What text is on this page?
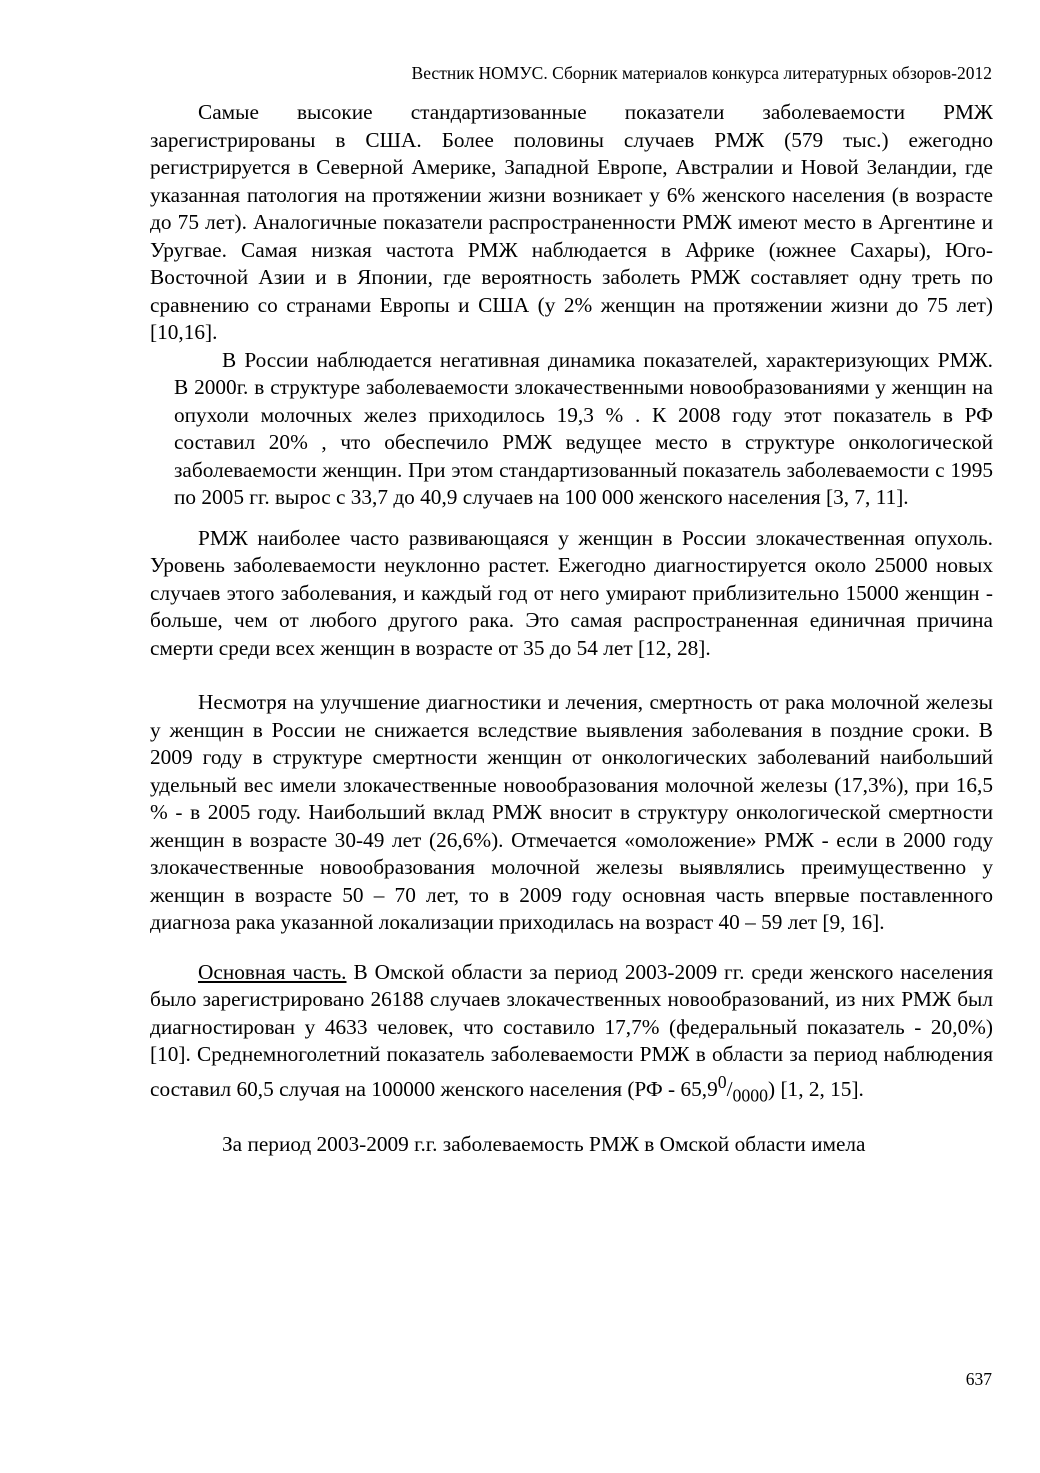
Вестник НОМУС. Сборник материалов конкурса литературных обзоров-2012

Самые высокие стандартизованные показатели заболеваемости РМЖ зарегистрированы в США. Более половины случаев РМЖ (579 тыс.) ежегодно регистрируется в Северной Америке, Западной Европе, Австралии и Новой Зеландии, где указанная патология на протяжении жизни возникает у 6% женского населения (в возрасте до 75 лет). Аналогичные показатели распространенности РМЖ имеют место в Аргентине и Уругвае. Самая низкая частота РМЖ наблюдается в Африке (южнее Сахары), Юго-Восточной Азии и в Японии, где вероятность заболеть РМЖ составляет одну треть по сравнению со странами Европы и США (у 2% женщин на протяжении жизни до 75 лет) [10,16].

В России наблюдается негативная динамика показателей, характеризующих РМЖ. В 2000г. в структуре заболеваемости злокачественными новообразованиями у женщин на опухоли молочных желез приходилось 19,3 % . К 2008 году этот показатель в РФ составил 20% , что обеспечило РМЖ ведущее место в структуре онкологической заболеваемости женщин. При этом стандартизованный показатель заболеваемости с 1995 по 2005 гг. вырос с 33,7 до 40,9 случаев на 100 000 женского населения [3, 7, 11].

РМЖ наиболее часто развивающаяся у женщин в России злокачественная опухоль. Уровень заболеваемости неуклонно растет. Ежегодно диагностируется около 25000 новых случаев этого заболевания, и каждый год от него умирают приблизительно 15000 женщин - больше, чем от любого другого рака. Это самая распространенная единичная причина смерти среди всех женщин в возрасте от 35 до 54 лет [12, 28].

Несмотря на улучшение диагностики и лечения, смертность от рака молочной железы у женщин в России не снижается вследствие выявления заболевания в поздние сроки. В 2009 году в структуре смертности женщин от онкологических заболеваний наибольший удельный вес имели злокачественные новообразования молочной железы (17,3%), при 16,5 % - в 2005 году. Наибольший вклад РМЖ вносит в структуру онкологической смертности женщин в возрасте 30-49 лет (26,6%). Отмечается «омоложение» РМЖ - если в 2000 году злокачественные новообразования молочной железы выявлялись преимущественно у женщин в возрасте 50 – 70 лет, то в 2009 году основная часть впервые поставленного диагноза рака указанной локализации приходилась на возраст 40 – 59 лет [9, 16].

Основная часть. В Омской области за период 2003-2009 гг. среди женского населения было зарегистрировано 26188 случаев злокачественных новообразований, из них РМЖ был диагностирован у 4633 человек, что составило 17,7% (федеральный показатель - 20,0%) [10]. Среднемноголетний показатель заболеваемости РМЖ в области за период наблюдения составил 60,5 случая на 100000 женского населения $(РФ - 65,9^0/_{0000})$ [1, 2, 15].

За период 2003-2009 г.г. заболеваемость РМЖ в Омской области имела

637
